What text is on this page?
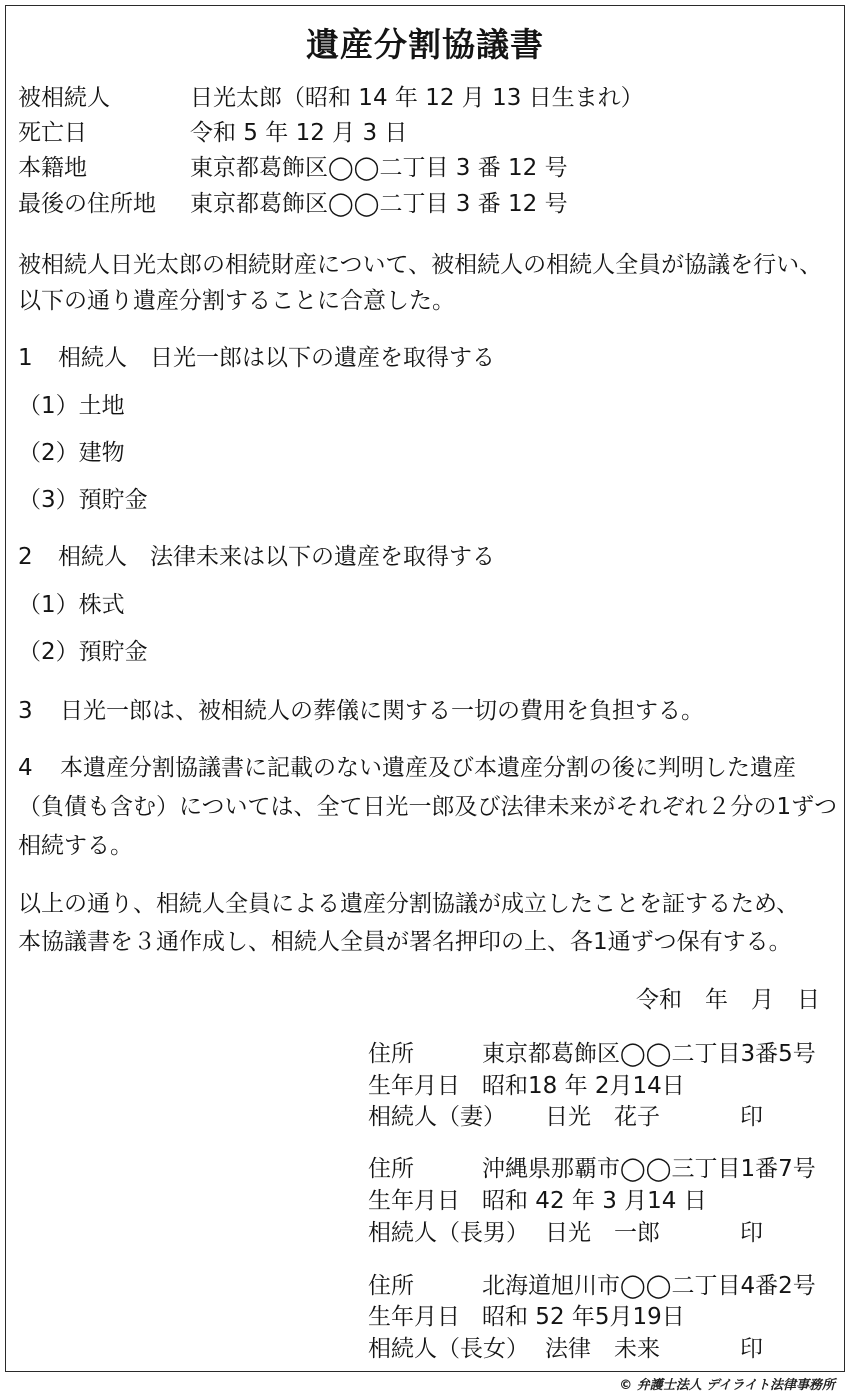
遺産分割協議書
被相続人	日光太郎（昭和 14 年 12 月 13 日生まれ）
死亡日	令和 5 年 12 月 3 日
本籍地	東京都葛飾区◯◯二丁目 3 番 12 号
最後の住所地 東京都葛飾区◯◯二丁目 3 番 12 号
被相続人日光太郎の相続財産について、被相続人の相続人全員が協議を行い、
以下の通り遺産分割することに合意した。
1 相続人　日光一郎は以下の遺産を取得する
（1）土地
（2）建物
（3）預貯金
2 相続人　法律未来は以下の遺産を取得する
（1）株式
（2）預貯金
3 日光一郎は、被相続人の葬儀に関する一切の費用を負担する。
4 本遺産分割協議書に記載のない遺産及び本遺産分割の後に判明した遺産
（負債も含む）については、全て日光一郎及び法律未来がそれぞれ２分の1ずつ
相続する。
以上の通り、相続人全員による遺産分割協議が成立したことを証するため、
本協議書を３通作成し、相続人全員が署名押印の上、各1通ずつ保有する。
令和　年　月　日
住所	東京都葛飾区◯◯二丁目3番5号
生年月日 昭和18 年 2月14日
相続人（妻） 日光　花子	印
住所	沖縄県那覇市◯◯三丁目1番7号
生年月日 昭和 42 年 3 月14 日
相続人（長男） 日光　一郎	印
住所	北海道旭川市◯◯二丁目4番2号
生年月日 昭和 52 年5月19日
相続人（長女） 法律　未来	印
© 弁護士法人 デイライト法律事務所
